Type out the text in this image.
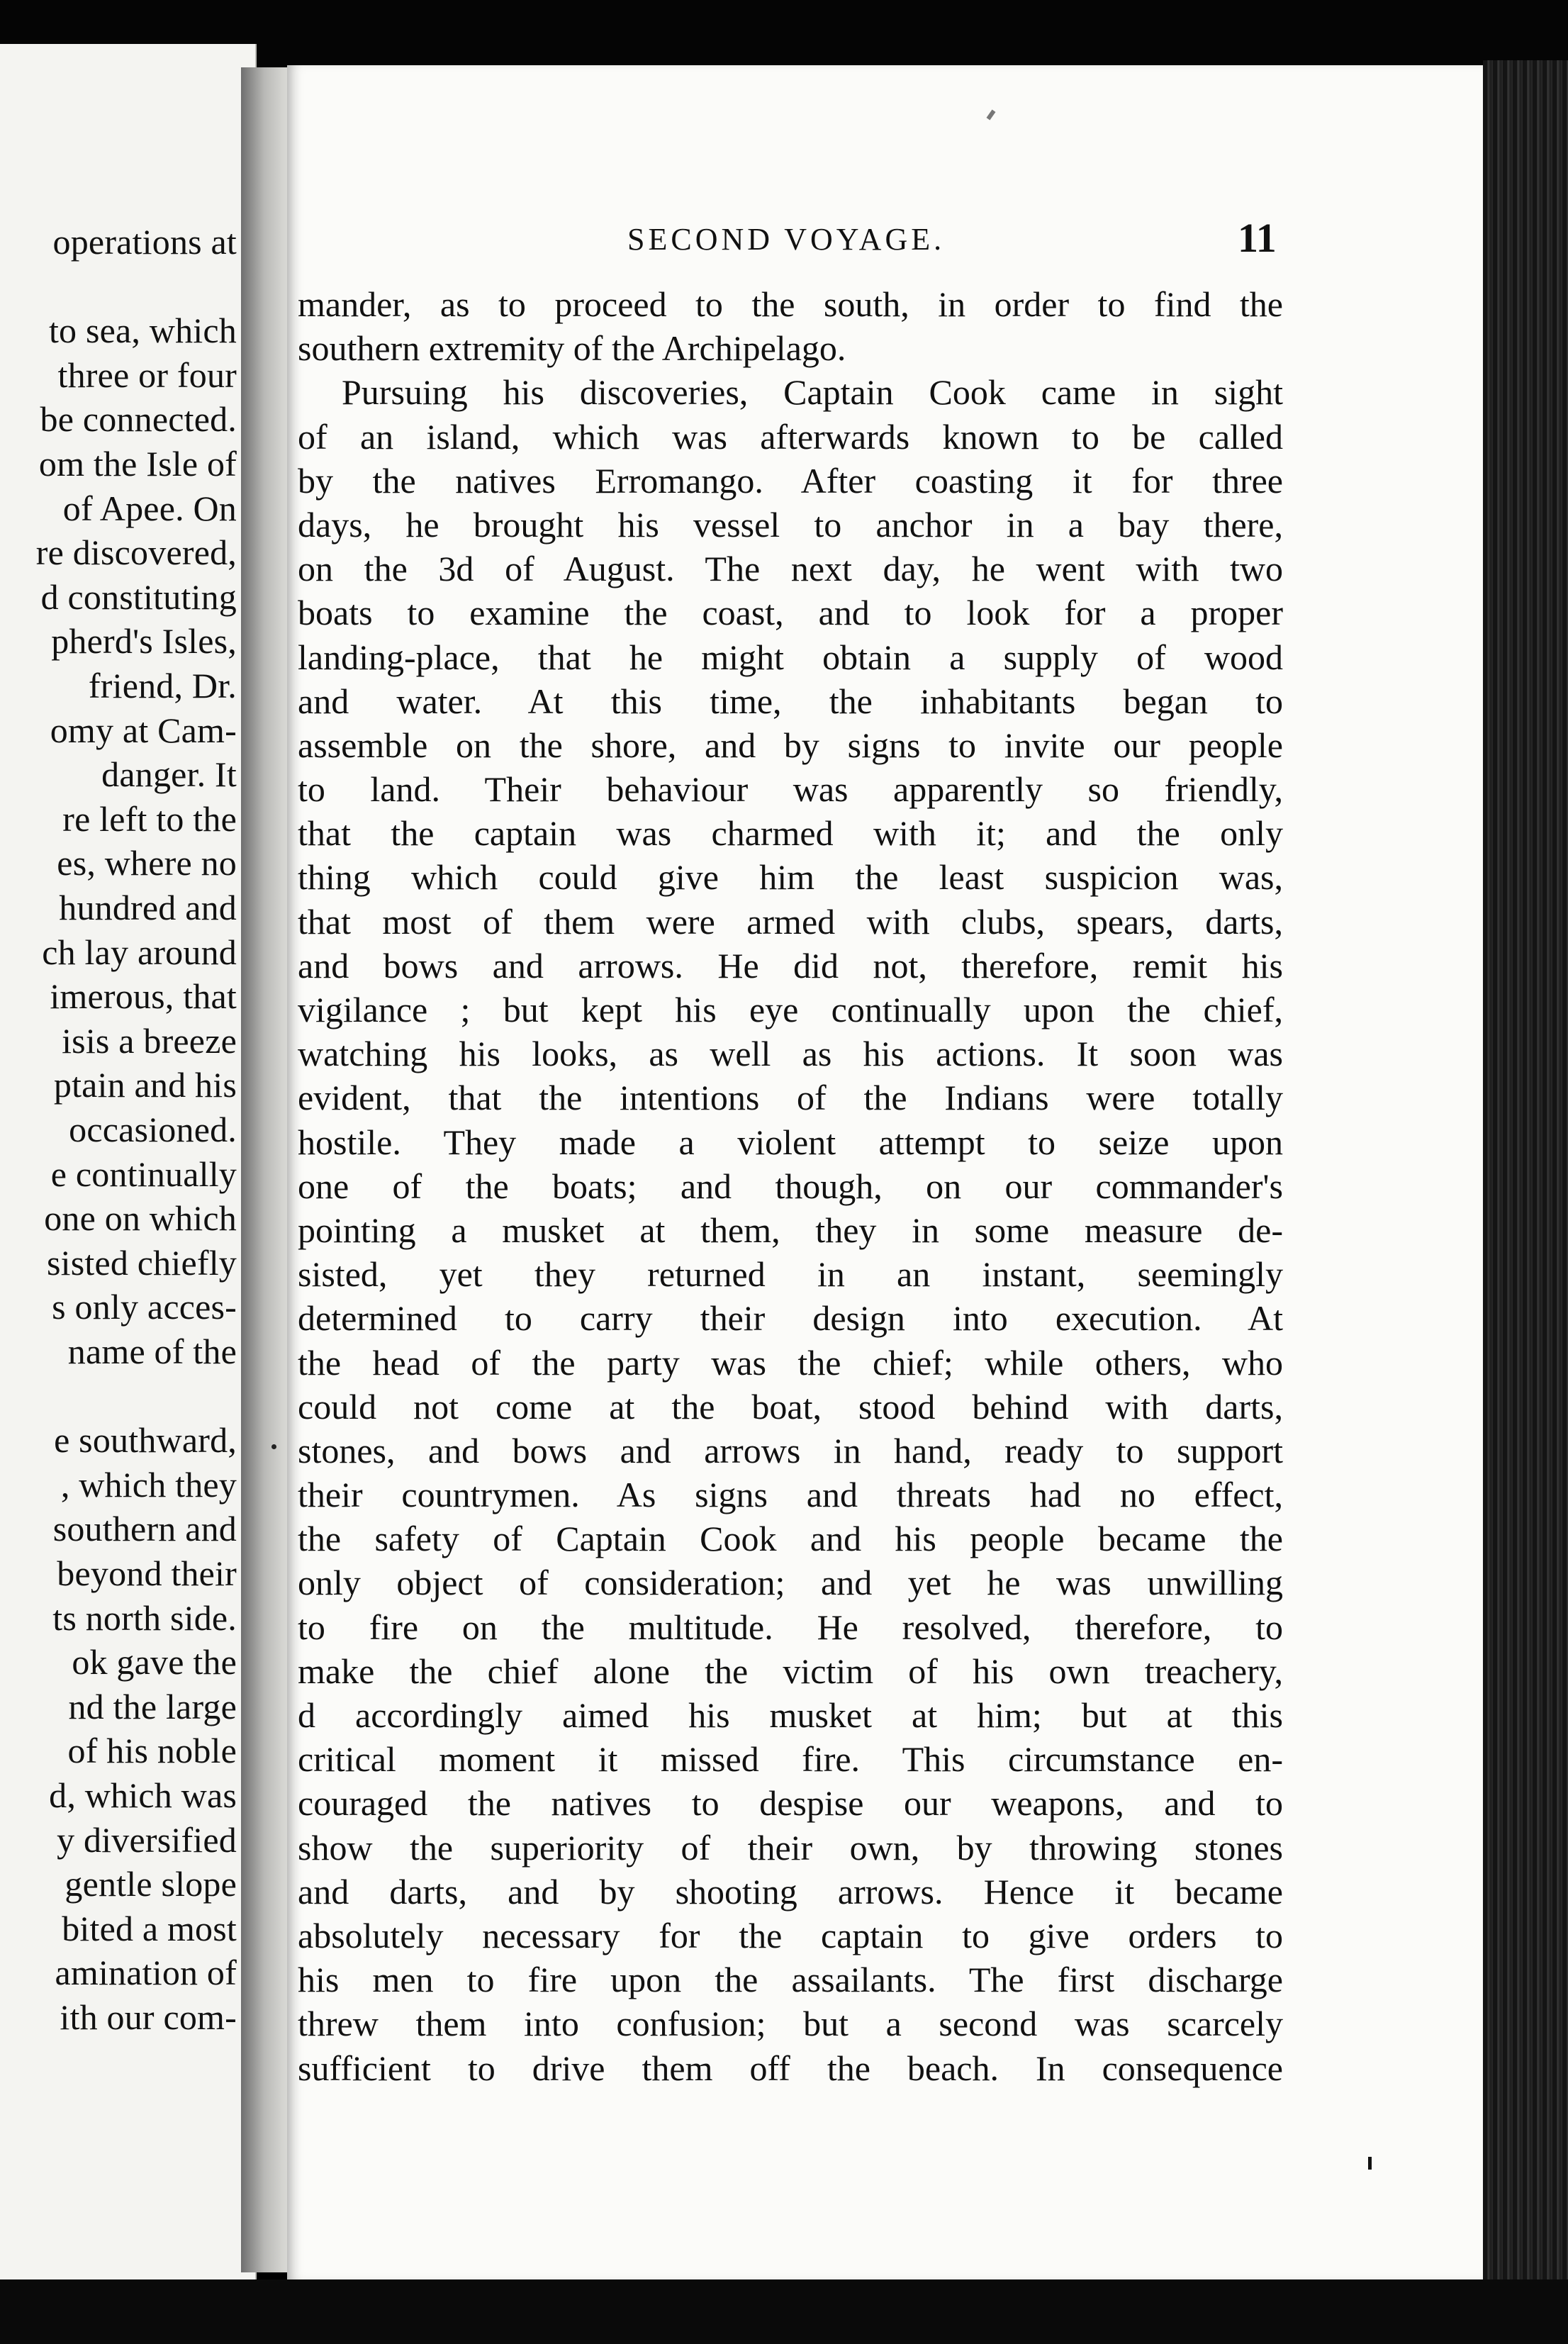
operations at
to sea, which
three or four
be connected.
om the Isle of
of Apee. On
re discovered,
d constituting
pherd's Isles,
friend, Dr.
omy at Cam-
danger. It
re left to the
es, where no
hundred and
ch lay around
imerous, that
isis a breeze
ptain and his
occasioned.
e continually
one on which
sisted chiefly
s only acces-
name of the
e southward,
, which they
southern and
beyond their
ts north side.
ok gave the
nd the large
of his noble
d, which was
y diversified
gentle slope
bited a most
amination of
ith our com-
SECOND VOYAGE.	11
mander, as to proceed to the south, in order to find the
southern extremity of the Archipelago.
Pursuing his discoveries, Captain Cook came in sight
of an island, which was afterwards known to be called
by the natives Erromango. After coasting it for three
days, he brought his vessel to anchor in a bay there,
on the 3d of August. The next day, he went with two
boats to examine the coast, and to look for a proper
landing-place, that he might obtain a supply of wood
and water. At this time, the inhabitants began to
assemble on the shore, and by signs to invite our people
to land. Their behaviour was apparently so friendly,
that the captain was charmed with it; and the only
thing which could give him the least suspicion was,
that most of them were armed with clubs, spears, darts,
and bows and arrows. He did not, therefore, remit his
vigilance ; but kept his eye continually upon the chief,
watching his looks, as well as his actions. It soon was
evident, that the intentions of the Indians were totally
hostile. They made a violent attempt to seize upon
one of the boats; and though, on our commander's
pointing a musket at them, they in some measure de-
sisted, yet they returned in an instant, seemingly
determined to carry their design into execution. At
the head of the party was the chief; while others, who
could not come at the boat, stood behind with darts,
stones, and bows and arrows in hand, ready to support
their countrymen. As signs and threats had no effect,
the safety of Captain Cook and his people became the
only object of consideration; and yet he was unwilling
to fire on the multitude. He resolved, therefore, to
make the chief alone the victim of his own treachery,
d accordingly aimed his musket at him; but at this
critical moment it missed fire. This circumstance en-
couraged the natives to despise our weapons, and to
show the superiority of their own, by throwing stones
and darts, and by shooting arrows. Hence it became
absolutely necessary for the captain to give orders to
his men to fire upon the assailants. The first discharge
threw them into confusion; but a second was scarcely
sufficient to drive them off the beach. In consequence
